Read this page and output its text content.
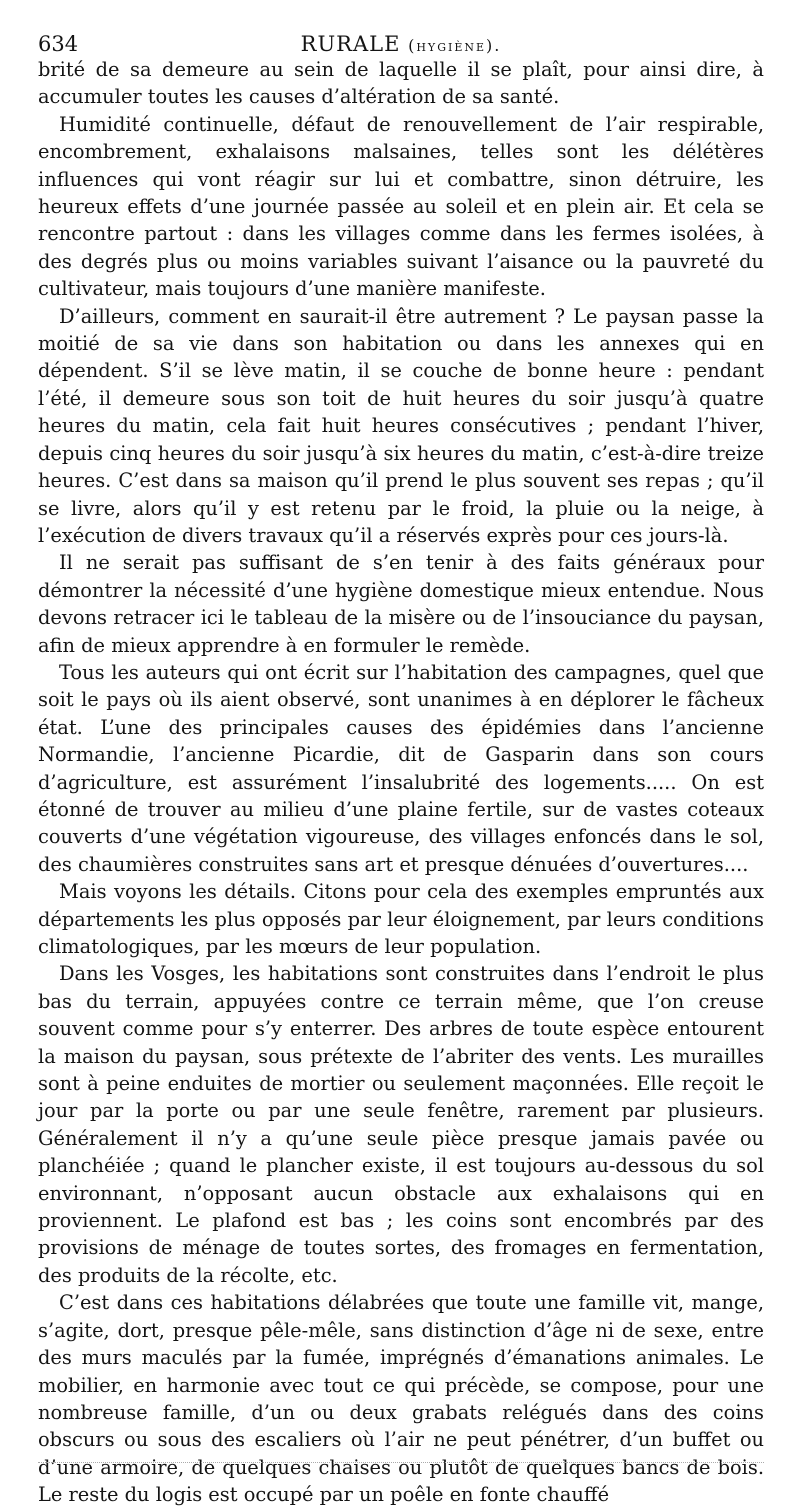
634	RURALE (hygiène).

brité de sa demeure au sein de laquelle il se plaît, pour ainsi dire, à accumuler toutes les causes d’altération de sa santé.

Humidité continuelle, défaut de renouvellement de l’air respirable, encombrement, exhalaisons malsaines, telles sont les délétères influences qui vont réagir sur lui et combattre, sinon détruire, les heureux effets d’une journée passée au soleil et en plein air. Et cela se rencontre partout : dans les villages comme dans les fermes isolées, à des degrés plus ou moins variables suivant l’aisance ou la pauvreté du cultivateur, mais toujours d’une manière manifeste.

D’ailleurs, comment en saurait-il être autrement ? Le paysan passe la moitié de sa vie dans son habitation ou dans les annexes qui en dépendent. S’il se lève matin, il se couche de bonne heure : pendant l’été, il demeure sous son toit de huit heures du soir jusqu’à quatre heures du matin, cela fait huit heures consécutives ; pendant l’hiver, depuis cinq heures du soir jusqu’à six heures du matin, c’est-à-dire treize heures. C’est dans sa maison qu’il prend le plus souvent ses repas ; qu’il se livre, alors qu’il y est retenu par le froid, la pluie ou la neige, à l’exécution de divers travaux qu’il a réservés exprès pour ces jours-là.

Il ne serait pas suffisant de s’en tenir à des faits généraux pour démontrer la nécessité d’une hygiène domestique mieux entendue. Nous devons retracer ici le tableau de la misère ou de l’insouciance du paysan, afin de mieux apprendre à en formuler le remède.

Tous les auteurs qui ont écrit sur l’habitation des campagnes, quel que soit le pays où ils aient observé, sont unanimes à en déplorer le fâcheux état. L’une des principales causes des épidémies dans l’ancienne Normandie, l’ancienne Picardie, dit de Gasparin dans son cours d’agriculture, est assurément l’insalubrité des logements..... On est étonné de trouver au milieu d’une plaine fertile, sur de vastes coteaux couverts d’une végétation vigoureuse, des villages enfoncés dans le sol, des chaumières construites sans art et presque dénuées d’ouvertures....

Mais voyons les détails. Citons pour cela des exemples empruntés aux départements les plus opposés par leur éloignement, par leurs conditions climatologiques, par les mœurs de leur population.

Dans les Vosges, les habitations sont construites dans l’endroit le plus bas du terrain, appuyées contre ce terrain même, que l’on creuse souvent comme pour s’y enterrer. Des arbres de toute espèce entourent la maison du paysan, sous prétexte de l’abriter des vents. Les murailles sont à peine enduites de mortier ou seulement maçonnées. Elle reçoit le jour par la porte ou par une seule fenêtre, rarement par plusieurs. Généralement il n’y a qu’une seule pièce presque jamais pavée ou planchéiée ; quand le plancher existe, il est toujours au-dessous du sol environnant, n’opposant aucun obstacle aux exhalaisons qui en proviennent. Le plafond est bas ; les coins sont encombrés par des provisions de ménage de toutes sortes, des fromages en fermentation, des produits de la récolte, etc.

C’est dans ces habitations délabrées que toute une famille vit, mange, s’agite, dort, presque pêle-mêle, sans distinction d’âge ni de sexe, entre des murs maculés par la fumée, imprégnés d’émanations animales. Le mobilier, en harmonie avec tout ce qui précède, se compose, pour une nombreuse famille, d’un ou deux grabats relégués dans des coins obscurs ou sous des escaliers où l’air ne peut pénétrer, d’un buffet ou d’une armoire, de quelques chaises ou plutôt de quelques bancs de bois. Le reste du logis est occupé par un poêle en fonte chauffé
